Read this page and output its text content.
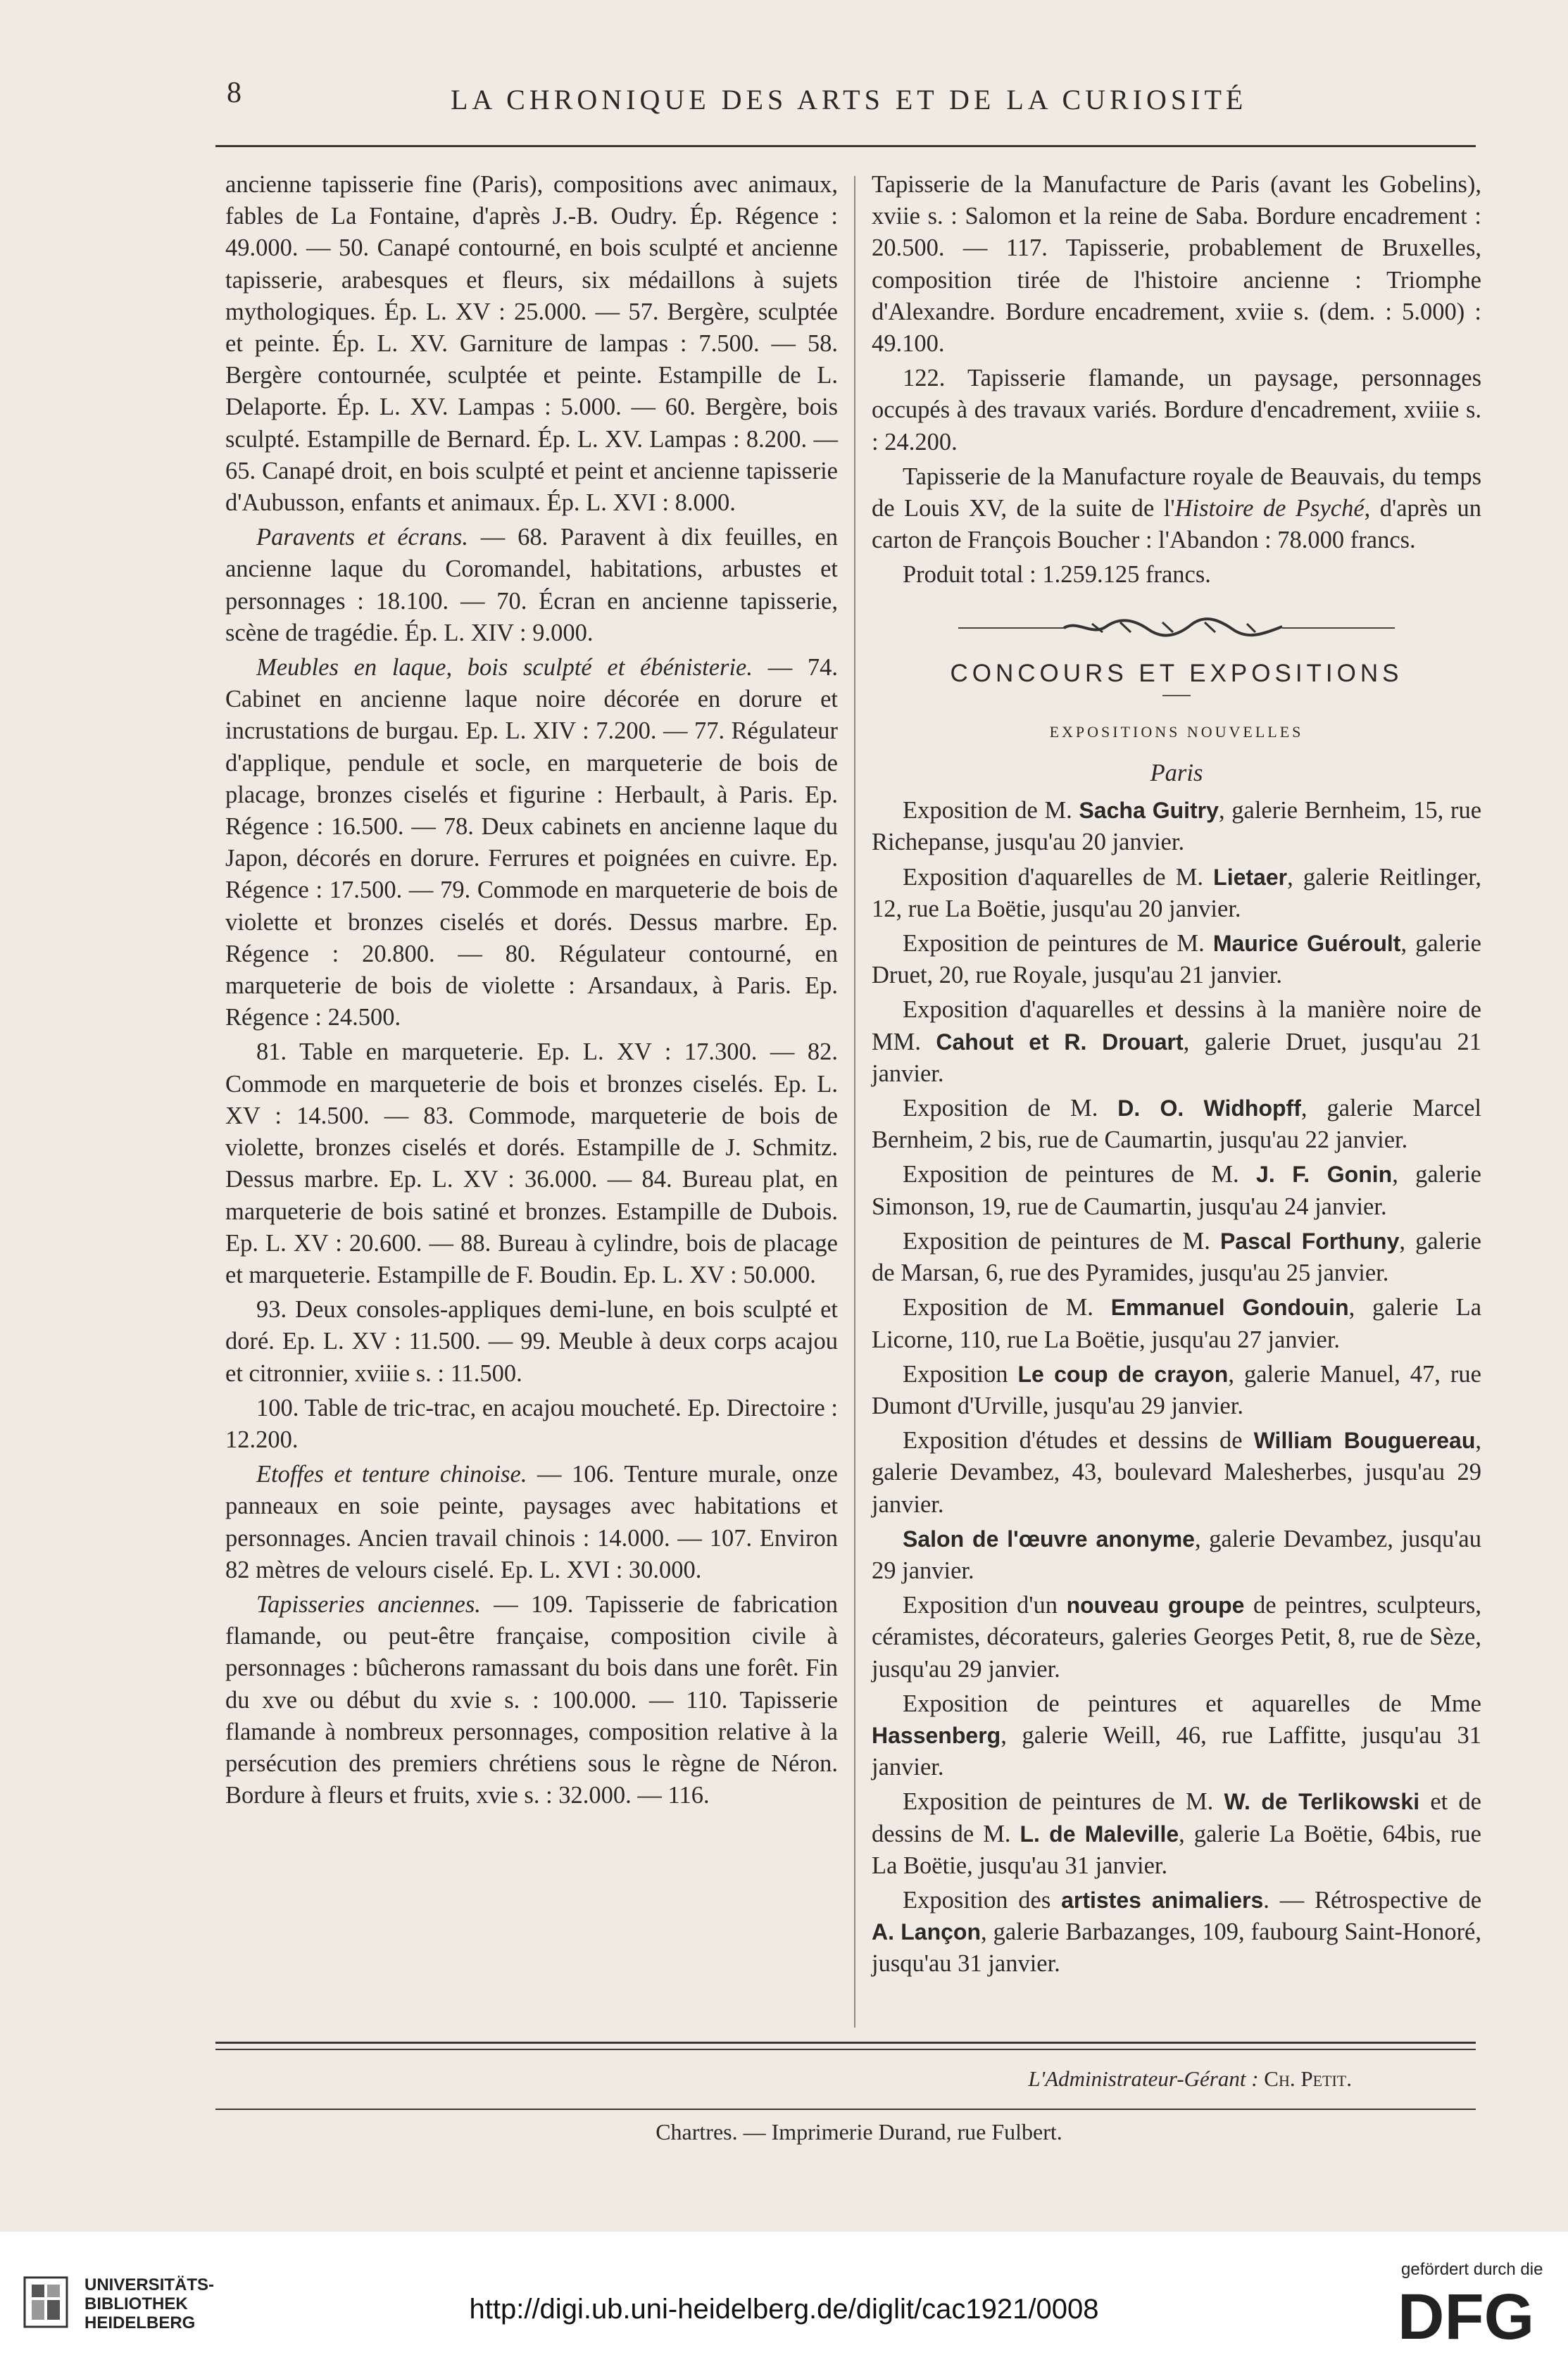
8	LA CHRONIQUE DES ARTS ET DE LA CURIOSITÉ

ancienne tapisserie fine (Paris), compositions avec animaux, fables de La Fontaine, d'après J.-B. Oudry. Ép. Régence : 49.000. — 50. Canapé contourné, en bois sculpté et ancienne tapisserie, arabesques et fleurs, six médaillons à sujets mythologiques. Ép. L. XV : 25.000. — 57. Bergère, sculptée et peinte. Ép. L. XV. Garniture de lampas : 7.500. — 58. Bergère contournée, sculptée et peinte. Estampille de L. Delaporte. Ép. L. XV. Lampas : 5.000. — 60. Bergère, bois sculpté. Estampille de Bernard. Ép. L. XV. Lampas : 8.200. — 65. Canapé droit, en bois sculpté et peint et ancienne tapisserie d'Aubusson, enfants et animaux. Ép. L. XVI : 8.000.

Paravents et écrans. — 68. Paravent à dix feuilles, en ancienne laque du Coromandel, habitations, arbustes et personnages : 18.100. — 70. Écran en ancienne tapisserie, scène de tragédie. Ép. L. XIV : 9.000.

Meubles en laque, bois sculpté et ébénisterie. — 74. Cabinet en ancienne laque noire décorée en dorure et incrustations de burgau. Ep. L. XIV : 7.200. — 77. Régulateur d'applique, pendule et socle, en marqueterie de bois de placage, bronzes ciselés et figurine : Herbault, à Paris. Ep. Régence : 16.500. — 78. Deux cabinets en ancienne laque du Japon, décorés en dorure. Ferrures et poignées en cuivre. Ep. Régence : 17.500. — 79. Commode en marqueterie de bois de violette et bronzes ciselés et dorés. Dessus marbre. Ep. Régence : 20.800. — 80. Régulateur contourné, en marqueterie de bois de violette : Arsandaux, à Paris. Ep. Régence : 24.500.

81. Table en marqueterie. Ep. L. XV : 17.300. — 82. Commode en marqueterie de bois et bronzes ciselés. Ep. L. XV : 14.500. — 83. Commode, marqueterie de bois de violette, bronzes ciselés et dorés. Estampille de J. Schmitz. Dessus marbre. Ep. L. XV : 36.000. — 84. Bureau plat, en marqueterie de bois satiné et bronzes. Estampille de Dubois. Ep. L. XV : 20.600. — 88. Bureau à cylindre, bois de placage et marqueterie. Estampille de F. Boudin. Ep. L. XV : 50.000.

93. Deux consoles-appliques demi-lune, en bois sculpté et doré. Ep. L. XV : 11.500. — 99. Meuble à deux corps acajou et citronnier, xviiie s. : 11.500.

100. Table de tric-trac, en acajou moucheté. Ep. Directoire : 12.200.

Etoffes et tenture chinoise. — 106. Tenture murale, onze panneaux en soie peinte, paysages avec habitations et personnages. Ancien travail chinois : 14.000. — 107. Environ 82 mètres de velours ciselé. Ep. L. XVI : 30.000.

Tapisseries anciennes. — 109. Tapisserie de fabrication flamande, ou peut-être française, composition civile à personnages : bûcherons ramassant du bois dans une forêt. Fin du xve ou début du xvie s. : 100.000. — 110. Tapisserie flamande à nombreux personnages, composition relative à la persécution des premiers chrétiens sous le règne de Néron. Bordure à fleurs et fruits, xvie s. : 32.000. — 116.

Tapisserie de la Manufacture de Paris (avant les Gobelins), xviie s. : Salomon et la reine de Saba. Bordure encadrement : 20.500. — 117. Tapisserie, probablement de Bruxelles, composition tirée de l'histoire ancienne : Triomphe d'Alexandre. Bordure encadrement, xviie s. (dem. : 5.000) : 49.100.

122. Tapisserie flamande, un paysage, personnages occupés à des travaux variés. Bordure d'encadrement, xviiie s. : 24.200.

Tapisserie de la Manufacture royale de Beauvais, du temps de Louis XV, de la suite de l'Histoire de Psyché, d'après un carton de François Boucher : l'Abandon : 78.000 francs.

Produit total : 1.259.125 francs.

CONCOURS ET EXPOSITIONS
EXPOSITIONS NOUVELLES
Paris

Exposition de M. Sacha Guitry, galerie Bernheim, 15, rue Richepanse, jusqu'au 20 janvier.

Exposition d'aquarelles de M. Lietaer, galerie Reitlinger, 12, rue La Boëtie, jusqu'au 20 janvier.

Exposition de peintures de M. Maurice Guéroult, galerie Druet, 20, rue Royale, jusqu'au 21 janvier.

Exposition d'aquarelles et dessins à la manière noire de MM. Cahout et R. Drouart, galerie Druet, jusqu'au 21 janvier.

Exposition de M. D. O. Widhopff, galerie Marcel Bernheim, 2 bis, rue de Caumartin, jusqu'au 22 janvier.

Exposition de peintures de M. J. F. Gonin, galerie Simonson, 19, rue de Caumartin, jusqu'au 24 janvier.

Exposition de peintures de M. Pascal Forthuny, galerie de Marsan, 6, rue des Pyramides, jusqu'au 25 janvier.

Exposition de M. Emmanuel Gondouin, galerie La Licorne, 110, rue La Boëtie, jusqu'au 27 janvier.

Exposition Le coup de crayon, galerie Manuel, 47, rue Dumont d'Urville, jusqu'au 29 janvier.

Exposition d'études et dessins de William Bouguereau, galerie Devambez, 43, boulevard Malesherbes, jusqu'au 29 janvier.

Salon de l'œuvre anonyme, galerie Devambez, jusqu'au 29 janvier.

Exposition d'un nouveau groupe de peintres, sculpteurs, céramistes, décorateurs, galeries Georges Petit, 8, rue de Sèze, jusqu'au 29 janvier.

Exposition de peintures et aquarelles de Mme Hassenberg, galerie Weill, 46, rue Laffitte, jusqu'au 31 janvier.

Exposition de peintures de M. W. de Terlikowski et de dessins de M. L. de Maleville, galerie La Boëtie, 64bis, rue La Boëtie, jusqu'au 31 janvier.

Exposition des artistes animaliers. — Rétrospective de A. Lançon, galerie Barbazanges, 109, faubourg Saint-Honoré, jusqu'au 31 janvier.

L'Administrateur-Gérant : Ch. Petit.
Chartres. — Imprimerie Durand, rue Fulbert.
UNIVERSITÄTS-
BIBLIOTHEK
HEIDELBERG	http://digi.ub.uni-heidelberg.de/diglit/cac1921/0008
gefördert durch die
DFG
